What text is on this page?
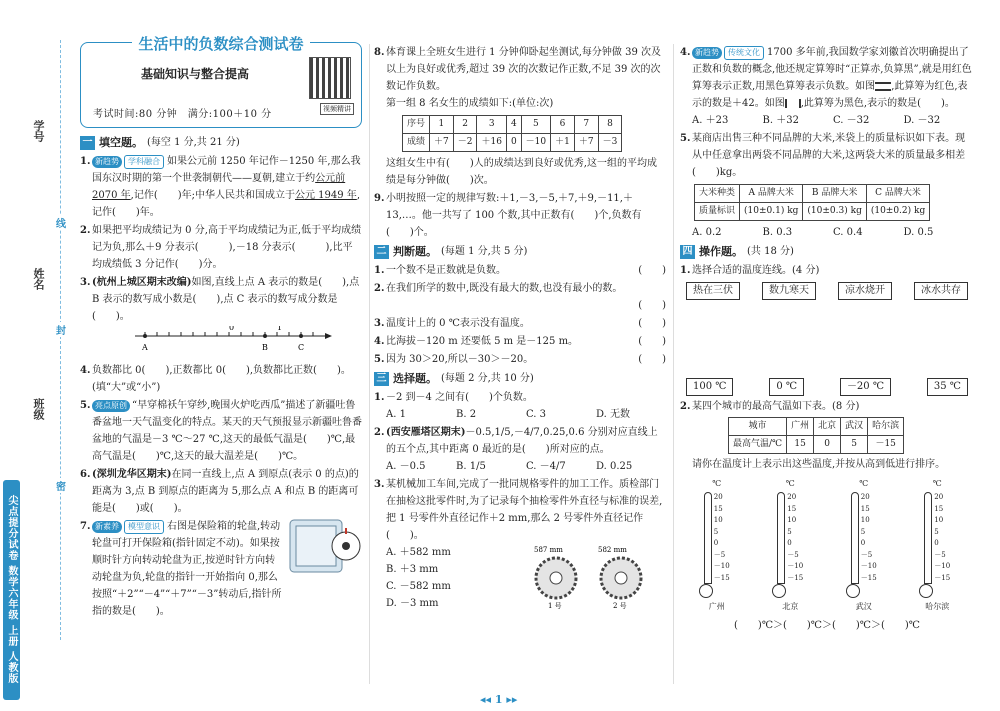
学号
线
姓名
封
班级
密
尖点提分试卷 数学六年级 上册 人教版
生活中的负数综合测试卷
基础知识与整合提高
考试时间:80 分钟　满分:100＋10 分	视频精讲
一 填空题。 (每空 1 分,共 21 分)
1. 新趋势 学科融合 如果公元前 1250 年记作－1250 年,那么我国东汉时期的第一个世袭制朝代——夏朝,建立于约公元前 2070 年,记作(　　)年;中华人民共和国成立于公元 1949 年,记作(　　)年。
2. 如果把平均成绩记为 0 分,高于平均成绩记为正,低于平均成绩记为负,那么＋9 分表示(　　　),－18 分表示(　　　),比平均成绩低 3 分记作(　　)分。
3. (杭州上城区期末改编)如图,直线上点 A 表示的数是(　　),点 B 表示的数写成小数是(　　),点 C 表示的数写成分数是(　　)。
A
0	1
B	C
4. 负数都比 0(　　),正数都比 0(　　),负数都比正数(　　)。(填“大”或“小”)
5. 亮点原创 “早穿棉袄午穿纱,晚围火炉吃西瓜”描述了新疆吐鲁番盆地一天气温变化的特点。某天的天气预报显示新疆吐鲁番盆地的气温是－3 ℃～27 ℃,这天的最低气温是(　　)℃,最高气温是(　　)℃,这天的最大温差是(　　)℃。
6. (深圳龙华区期末)在同一直线上,点 A 到原点(表示 0 的点)的距离为 3,点 B 到原点的距离为 5,那么点 A 和点 B 的距离可能是(　　)或(　　)。
7. 新素养 模型意识 右图是保险箱的轮盘,转动轮盘可打开保险箱(指针固定不动)。如果按顺时针方向转动轮盘为正,按逆时针方向转动轮盘为负,轮盘的指针一开始指向 0,那么按照“＋2”“－4”“＋7”“－3”转动后,指针所指的数是(　　)。
8. 体育课上全班女生进行 1 分钟仰卧起坐测试,每分钟做 39 次及以上为良好或优秀,超过 39 次的次数记作正数,不足 39 次的次数记作负数。
第一组 8 名女生的成绩如下:(单位:次)
序号	1	2	3	4	5	6	7	8
成绩	＋7	－2	＋16	0	－10	＋1	＋7	－3
这组女生中有(　　)人的成绩达到良好或优秀,这一组的平均成绩是每分钟做(　　)次。
9. 小明按照一定的规律写数:＋1,－3,－5,＋7,＋9,－11,＋13,…。他一共写了 100 个数,其中正数有(　　)个,负数有(　　)个。
二 判断题。 (每题 1 分,共 5 分)
1. 一个数不是正数就是负数。	(　　)
2. 在我们所学的数中,既没有最大的数,也没有最小的数。
(　　)
3. 温度计上的 0 ℃表示没有温度。	(　　)
4. 比海拔－120 m 还要低 5 m 是－125 m。	(　　)
5. 因为 30＞20,所以－30＞－20。	(　　)
三 选择题。 (每题 2 分,共 10 分)
1. －2 到－4 之间有(　　)个负数。
A. 1	B. 2	C. 3	D. 无数
2. (西安雁塔区期末)－0.5,1/5,－4/7,0.25,0.6 分别对应直线上的五个点,其中距离 0 最近的是(　　)所对应的点。
A. －0.5	B. 1/5	C. －4/7	D. 0.25
3. 某机械加工车间,完成了一批同规格零件的加工工作。质检部门在抽检这批零件时,为了记录每个抽检零件外直径与标准的误差,把 1 号零件外直径记作＋2 mm,那么 2 号零件外直径记作(　　)。
A. ＋582 mm
B. ＋3 mm
C. －582 mm
D. －3 mm
587 mm	582 mm
1 号	2 号
4. 新趋势 传统文化 1700 多年前,我国数学家刘徽首次明确提出了正数和负数的概念,他还规定算筹时“正算赤,负算黑”,就是用红色算筹表示正数,用黑色算筹表示负数。如图 ,此算筹为红色,表示的数是＋42。如图 ,此算筹为黑色,表示的数是(　　)。
A. ＋23	B. ＋32	C. －32	D. －32
5. 某商店出售三种不同品牌的大米,米袋上的质量标识如下表。现从中任意拿出两袋不同品牌的大米,这两袋大米的质量最多相差(　　)kg。
大米种类	A 品牌大米	B 品牌大米	C 品牌大米
质量标识	(10±0.1) kg	(10±0.3) kg	(10±0.2) kg
A. 0.2	B. 0.3	C. 0.4	D. 0.5
四 操作题。 (共 18 分)
1. 选择合适的温度连线。(4 分)
热在三伏	数九寒天	凉水烧开	冰水共存
100 ℃	0 ℃	－20 ℃	35 ℃
2. 某四个城市的最高气温如下表。(8 分)
城市	广州	北京	武汉	哈尔滨
最高气温/℃	15	0	5	－15
请你在温度计上表示出这些温度,并按从高到低进行排序。
℃
20
15
10
5
0
－5
－10
－15
广州
℃
20
15
10
5
0
－5
－10
－15
北京
℃
20
15
10
5
0
－5
－10
－15
武汉
℃
20
15
10
5
0
－5
－10
－15
哈尔滨
(　　)℃＞(　　)℃＞(　　)℃＞(　　)℃
◂◂ 1 ▸▸
